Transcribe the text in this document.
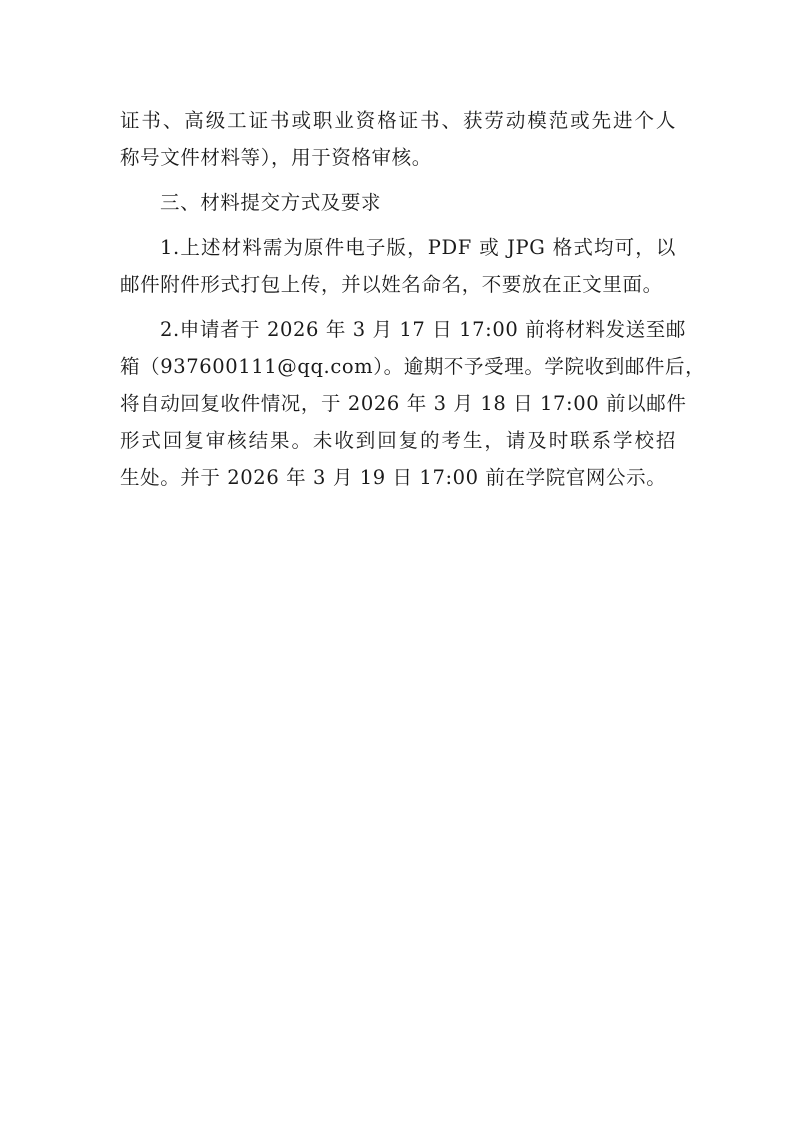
证书、高级工证书或职业资格证书、获劳动模范或先进个人
称号文件材料等），用于资格审核。
三、材料提交方式及要求
1.上述材料需为原件电子版，PDF 或 JPG 格式均可，以
邮件附件形式打包上传，并以姓名命名，不要放在正文里面。
2.申请者于 2026 年 3 月 17 日 17:00 前将材料发送至邮
箱（937600111@qq.com）。逾期不予受理。学院收到邮件后，
将自动回复收件情况，于 2026 年 3 月 18 日 17:00 前以邮件
形式回复审核结果。未收到回复的考生，请及时联系学校招
生处。并于 2026 年 3 月 19 日 17:00 前在学院官网公示。
